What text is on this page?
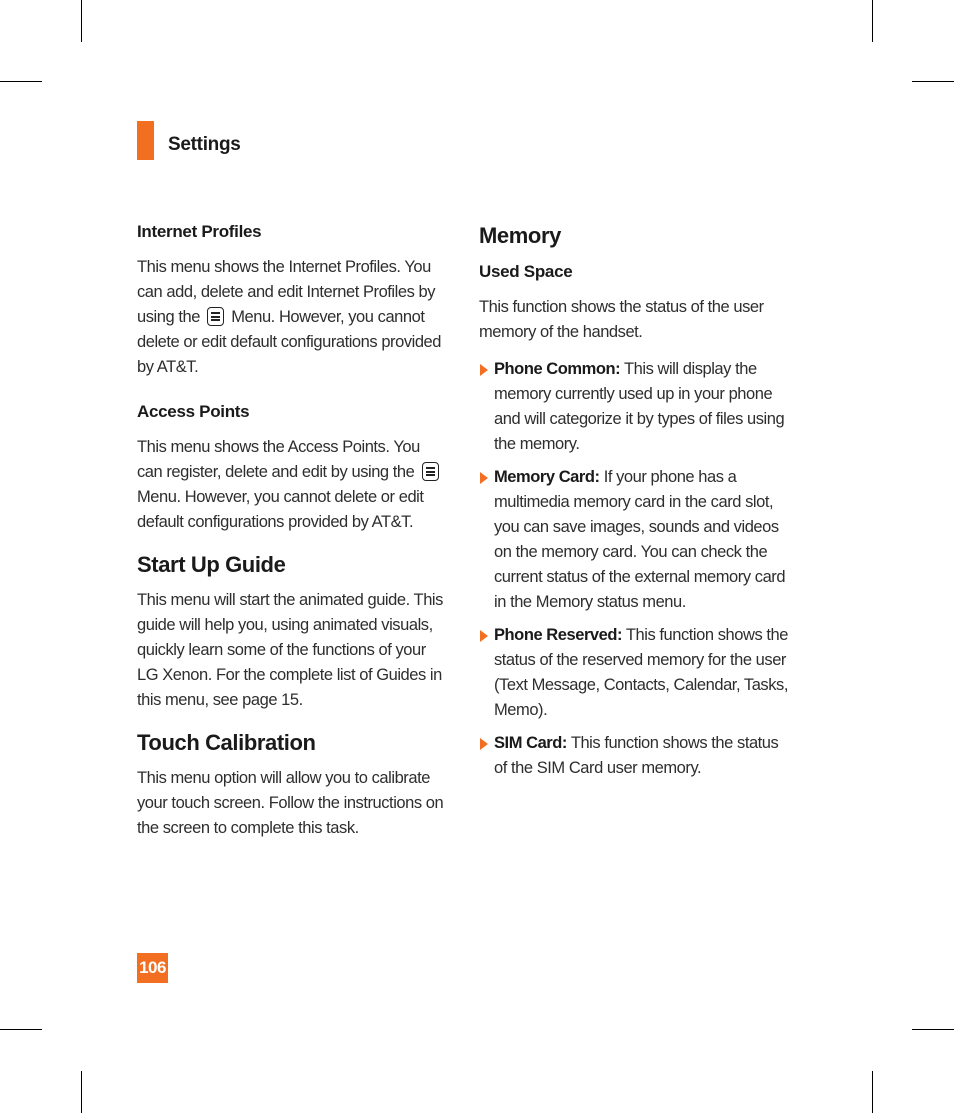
Settings
Internet Profiles

This menu shows the Internet Profiles. You can add, delete and edit Internet Profiles by using the Menu. However, you cannot delete or edit default configurations provided by AT&T.

Access Points

This menu shows the Access Points. You can register, delete and edit by using the
Menu. However, you cannot delete or edit default configurations provided by AT&T.

Start Up Guide

This menu will start the animated guide. This guide will help you, using animated visuals, quickly learn some of the functions of your LG Xenon. For the complete list of Guides in this menu, see page 15.

Touch Calibration

This menu option will allow you to calibrate your touch screen. Follow the instructions on the screen to complete this task.

Memory
Used Space

This function shows the status of the user memory of the handset.

Phone Common: This will display the memory currently used up in your phone and will categorize it by types of files using the memory.
Memory Card: If your phone has a multimedia memory card in the card slot, you can save images, sounds and videos on the memory card. You can check the current status of the external memory card in the Memory status menu.
Phone Reserved: This function shows the status of the reserved memory for the user (Text Message, Contacts, Calendar, Tasks, Memo).
SIM Card: This function shows the status of the SIM Card user memory.
106
